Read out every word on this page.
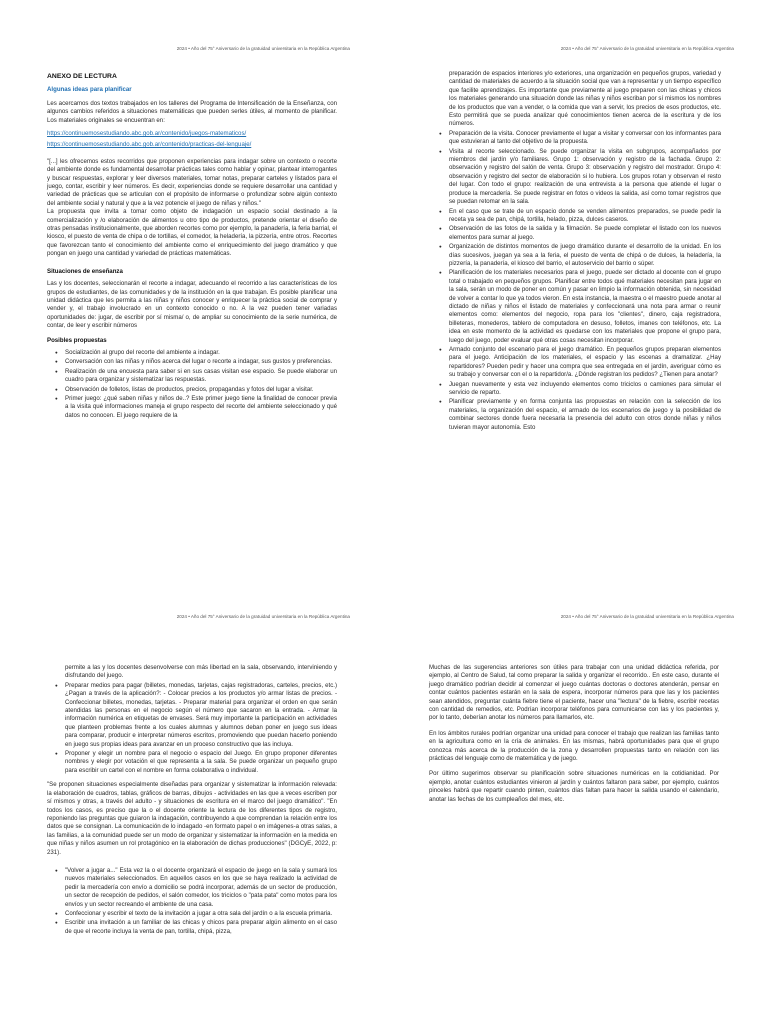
2024 • Año del 75° Aniversario de la gratuidad universitaria en la República Argentina
ANEXO DE LECTURA
Algunas ideas para planificar

Les acercamos dos textos trabajados en los talleres del Programa de Intensificación de la Enseñanza, con algunos cambios referidos a situaciones matemáticas que pueden serles útiles, al momento de planificar. Los materiales originales se encuentran en:

https://continuemosestudiando.abc.gob.ar/contenido/juegos-matematicos/
https://continuemosestudiando.abc.gob.ar/contenido/practicas-del-lenguaje/

"[...] les ofrecemos estos recorridos que proponen experiencias para indagar sobre un contexto o recorte del ambiente donde es fundamental desarrollar prácticas tales como hablar y opinar, plantear interrogantes y buscar respuestas, explorar y leer diversos materiales, tomar notas, preparar carteles y listados para el juego, contar, escribir y leer números. Es decir, experiencias donde se requiere desarrollar una cantidad y variedad de prácticas que se articulan con el propósito de informarse o profundizar sobre algún contexto del ambiente social y natural y que a la vez potencie el juego de niñas y niños."

La propuesta que invita a tomar como objeto de indagación un espacio social destinado a la comercialización y /o elaboración de alimentos u otro tipo de productos, pretende orientar el diseño de otras pensadas institucionalmente, que aborden recortes como por ejemplo, la panadería, la feria barrial, el kiosco, el puesto de venta de chipa o de tortillas, el comedor, la heladería, la pizzería, entre otros. Recortes que favorezcan tanto el conocimiento del ambiente como el enriquecimiento del juego dramático y que pongan en juego una cantidad y variedad de prácticas matemáticas.

Situaciones de enseñanza

Las y los docentes, seleccionarán el recorte a indagar, adecuando el recorrido a las características de los grupos de estudiantes, de las comunidades y de la institución en la que trabajan. Es posible planificar una unidad didáctica que les permita a las niñas y niños conocer y enriquecer la práctica social de comprar y vender y, el trabajo involucrado en un contexto conocido o no. A la vez pueden tener variadas oportunidades de: jugar, de escribir por sí misma/ o, de ampliar su conocimiento de la serie numérica, de contar, de leer y escribir números

Posibles propuestas
● Socialización al grupo del recorte del ambiente a indagar.
● Conversación con las niñas y niños acerca del lugar o recorte a indagar, sus gustos y preferencias.
● Realización de una encuesta para saber si en sus casas visitan ese espacio. Se puede elaborar un cuadro para organizar y sistematizar las respuestas.
● Observación de folletos, listas de productos, precios, propagandas y fotos del lugar a visitar.
● Primer juego: ¿qué saben niñas y niños de..? Este primer juego tiene la finalidad de conocer previa a la visita qué informaciones maneja el grupo respecto del recorte del ambiente seleccionado y qué datos no conocen. El juego requiere de la
2024 • Año del 75° Aniversario de la gratuidad universitaria en la República Argentina

preparación de espacios interiores y/o exteriores, una organización en pequeños grupos, variedad y cantidad de materiales de acuerdo a la situación social que van a representar y un tiempo específico que facilite aprendizajes. Es importante que previamente al juego preparen con las chicas y chicos los materiales generando una situación donde las niñas y niños escriban por sí mismos los nombres de los productos que van a vender, o la comida que van a servir, los precios de esos productos, etc. Esto permitirá que se pueda analizar qué conocimientos tienen acerca de la escritura y de los números.

● Preparación de la visita. Conocer previamente el lugar a visitar y conversar con los informantes para que estuvieran al tanto del objetivo de la propuesta.
● Visita al recorte seleccionado. Se puede organizar la visita en subgrupos, acompañados por miembros del jardín y/o familiares. Grupo 1: observación y registro de la fachada. Grupo 2: observación y registro del salón de venta. Grupo 3: observación y registro del mostrador. Grupo 4: observación y registro del sector de elaboración si lo hubiera. Los grupos rotan y observan el resto del lugar. Con todo el grupo: realización de una entrevista a la persona que atiende el lugar o produce la mercadería. Se puede registrar en fotos o videos la salida, así como tomar registros que se puedan retomar en la sala.
● En el caso que se trate de un espacio donde se venden alimentos preparados, se puede pedir la receta ya sea de pan, chipá, tortilla, helado, pizza, dulces caseros.
● Observación de las fotos de la salida y la filmación. Se puede completar el listado con los nuevos elementos para sumar al juego.
● Organización de distintos momentos de juego dramático durante el desarrollo de la unidad. En los días sucesivos, juegan ya sea a la feria, el puesto de venta de chipá o de dulces, la heladería, la pizzería, la panadería, el kiosco del barrio, el autoservicio del barrio o súper.
● Planificación de los materiales necesarios para el juego, puede ser dictado al docente con el grupo total o trabajado en pequeños grupos. Planificar entre todos qué materiales necesitan para jugar en la sala, serán un modo de poner en común y pasar en limpio la información obtenida, sin necesidad de volver a contar lo que ya todos vieron. En esta instancia, la maestra o el maestro puede anotar al dictado de niñas y niños el listado de materiales y confeccionará una nota para armar o reunir elementos como: elementos del negocio, ropa para los "clientes", dinero, caja registradora, billeteras, monederos, tablero de computadora en desuso, folletos, imanes con teléfonos, etc. La idea en este momento de la actividad es quedarse con los materiales que propone el grupo para, luego del juego, poder evaluar qué otras cosas necesitan incorporar.
● Armado conjunto del escenario para el juego dramático. En pequeños grupos preparan elementos para el juego. Anticipación de los materiales, el espacio y las escenas a dramatizar. ¿Hay repartidores? Pueden pedir y hacer una compra que sea entregada en el jardín, averiguar cómo es su trabajo y conversar con el o la repartidor/a. ¿Dónde registran los pedidos? ¿Tienen para anotar?
● Juegan nuevamente y esta vez incluyendo elementos como triciclos o camiones para simular el servicio de reparto.
● Planificar previamente y en forma conjunta las propuestas en relación con la selección de los materiales, la organización del espacio, el armado de los escenarios de juego y la posibilidad de combinar sectores donde fuera necesaria la presencia del adulto con otros donde niñas y niños tuvieran mayor autonomía. Esto
2024 • Año del 75° Aniversario de la gratuidad universitaria en la República Argentina

permite a las y los docentes desenvolverse con más libertad en la sala, observando, interviniendo y disfrutando del juego.

● Preparar medios para pagar (billetes, monedas, tarjetas, cajas registradoras, carteles, precios, etc.) ¿Pagan a través de la aplicación?: - Colocar precios a los productos y/o armar listas de precios. - Confeccionar billetes, monedas, tarjetas. - Preparar material para organizar el orden en que serán atendidas las personas en el negocio según el número que sacaron en la entrada. - Armar la información numérica en etiquetas de envases. Será muy importante la participación en actividades que planteen problemas frente a los cuales alumnas y alumnos deban poner en juego sus ideas para comparar, producir e interpretar números escritos, promoviendo que puedan hacerlo poniendo en juego sus propias ideas para avanzar en un proceso constructivo que las incluya.
● Proponer y elegir un nombre para el negocio o espacio del Juego. En grupo proponer diferentes nombres y elegir por votación el que representa a la sala. Se puede organizar un pequeño grupo para escribir un cartel con el nombre en forma colaborativa o individual.

"Se proponen situaciones especialmente diseñadas para organizar y sistematizar la información relevada: la elaboración de cuadros, tablas, gráficos de barras, dibujos - actividades en las que a veces escriben por sí mismos y otras, a través del adulto - y situaciones de escritura en el marco del juego dramático". "En todos los casos, es preciso que la o el docente oriente la lectura de los diferentes tipos de registro, reponiendo las preguntas que guiaron la indagación, contribuyendo a que comprendan la relación entre los datos que se consignan. La comunicación de lo indagado -en formato papel o en imágenes-a otras salas, a las familias, a la comunidad puede ser un modo de organizar y sistematizar la información en la medida en que niñas y niños asumen un rol protagónico en la elaboración de dichas producciones" (DGCyE, 2022, p: 231).

● "Volver a jugar a..." Esta vez la o el docente organizará el espacio de juego en la sala y sumará los nuevos materiales seleccionados. En aquellos casos en los que se haya realizado la actividad de pedir la mercadería con envío a domicilio se podrá incorporar, además de un sector de producción, un sector de recepción de pedidos, el salón comedor, los triciclos o "pata pata" como motos para los envíos y un sector recreando el ambiente de una casa.
● Confeccionar y escribir el texto de la invitación a jugar a otra sala del jardín o a la escuela primaria.
● Escribir una invitación a un familiar de las chicas y chicos para preparar algún alimento en el caso de que el recorte incluya la venta de pan, tortilla, chipá, pizza,
2024 • Año del 75° Aniversario de la gratuidad universitaria en la República Argentina

Muchas de las sugerencias anteriores son útiles para trabajar con una unidad didáctica referida, por ejemplo, al Centro de Salud, tal como preparar la salida y organizar el recorrido.. En este caso, durante el juego dramático podrían decidir al comenzar el juego cuántas doctoras o doctores atenderán, pensar en contar cuántos pacientes estarán en la sala de espera, incorporar números para que las y los pacientes sean atendidos, preguntar cuánta fiebre tiene el paciente, hacer una "lectura" de la fiebre, escribir recetas con cantidad de remedios, etc. Podrían incorporar teléfonos para comunicarse con las y los pacientes y, por lo tanto, deberían anotar los números para llamarlos, etc.

En los ámbitos rurales podrían organizar una unidad para conocer el trabajo que realizan las familias tanto en la agricultura como en la cría de animales. En las mismas, habrá oportunidades para que el grupo conozca más acerca de la producción de la zona y desarrollen propuestas tanto en relación con las prácticas del lenguaje como de matemática y de juego.

Por último sugerimos observar su planificación sobre situaciones numéricas en la cotidianidad. Por ejemplo, anotar cuántos estudiantes vinieron al jardín y cuántos faltaron para saber, por ejemplo, cuántos pinceles habrá que repartir cuando pinten, cuántos días faltan para hacer la salida usando el calendario, anotar las fechas de los cumpleaños del mes, etc.
